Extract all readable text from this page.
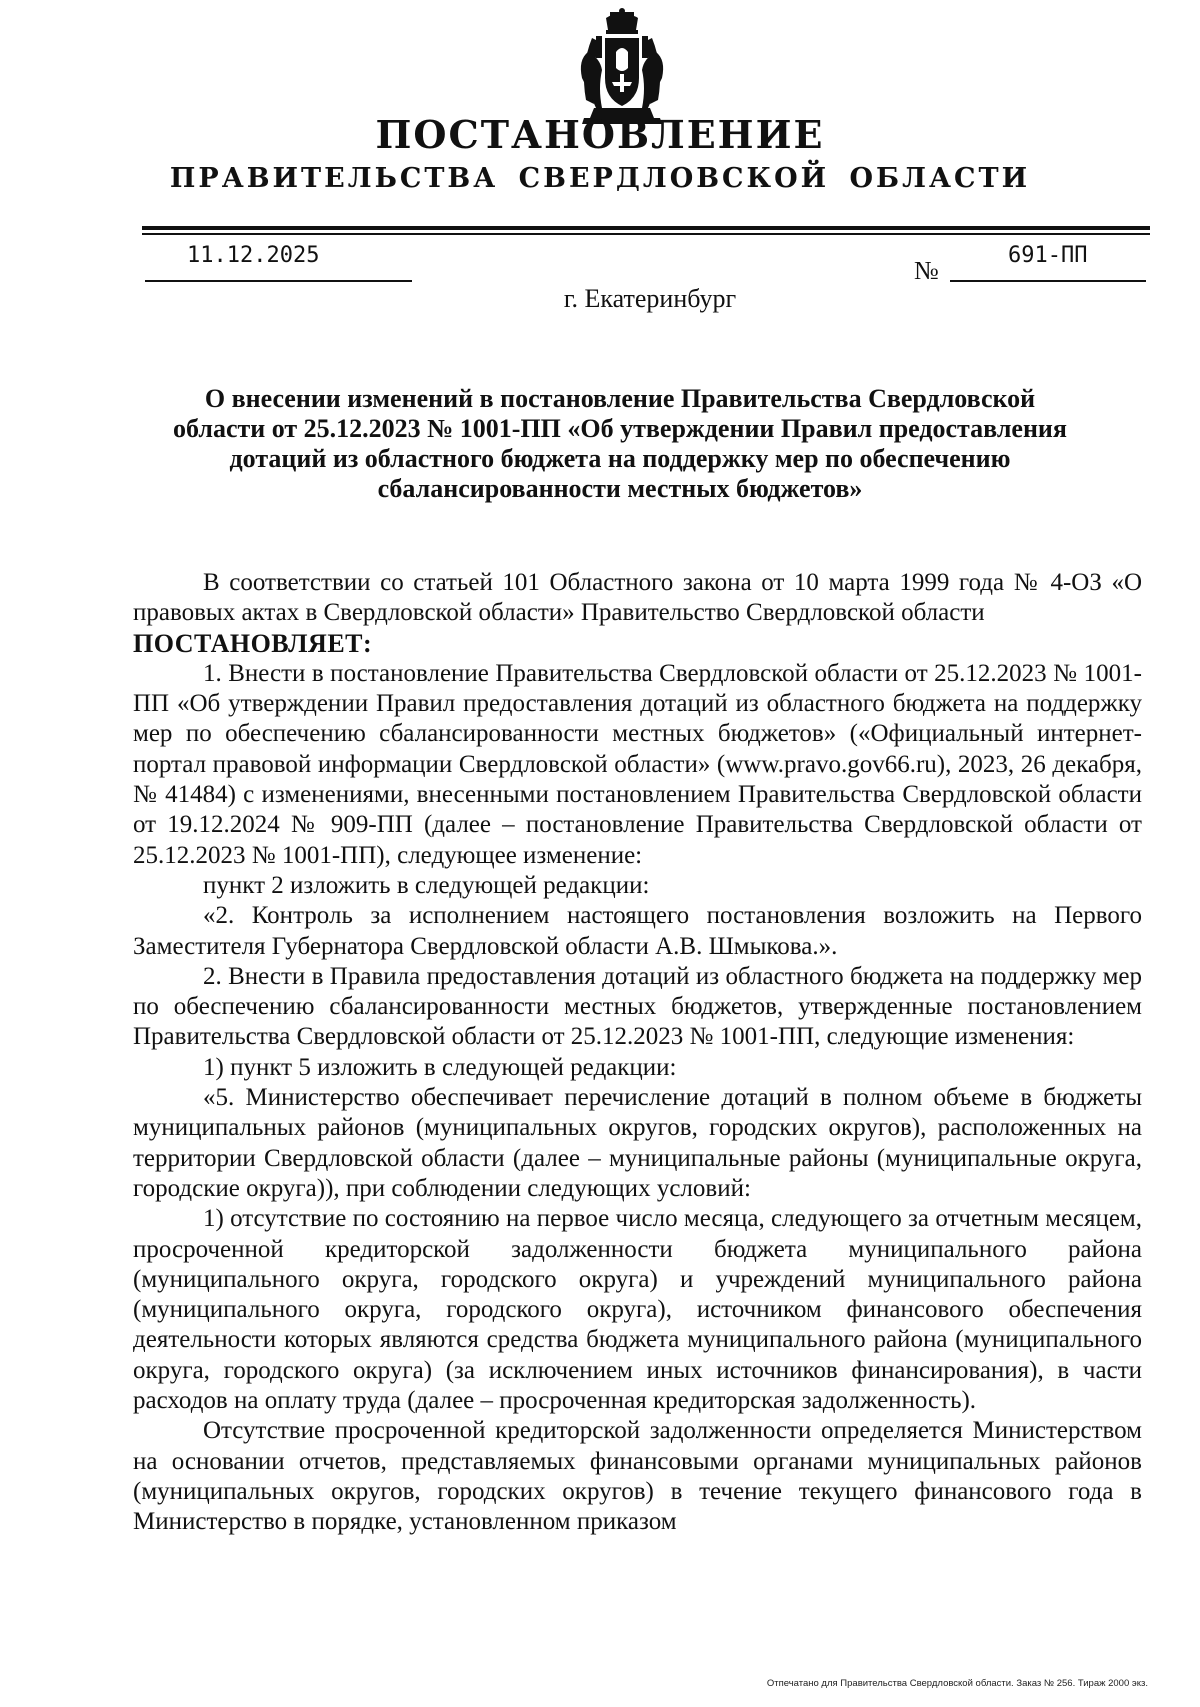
ПОСТАНОВЛЕНИЕ
ПРАВИТЕЛЬСТВА СВЕРДЛОВСКОЙ ОБЛАСТИ
11.12.2025
№
691-ПП
г. Екатеринбург
О внесении изменений в постановление Правительства Свердловской области от 25.12.2023 № 1001-ПП «Об утверждении Правил предоставления дотаций из областного бюджета на поддержку мер по обеспечению сбалансированности местных бюджетов»

В соответствии со статьей 101 Областного закона от 10 марта 1999 года № 4-ОЗ «О правовых актах в Свердловской области» Правительство Свердловской области

ПОСТАНОВЛЯЕТ:

1. Внести в постановление Правительства Свердловской области от 25.12.2023 № 1001-ПП «Об утверждении Правил предоставления дотаций из областного бюджета на поддержку мер по обеспечению сбалансированности местных бюджетов» («Официальный интернет-портал правовой информации Свердловской области» (www.pravo.gov66.ru), 2023, 26 декабря, № 41484) с изменениями, внесенными постановлением Правительства Свердловской области от 19.12.2024 № 909-ПП (далее – постановление Правительства Свердловской области от 25.12.2023 № 1001-ПП), следующее изменение:

пункт 2 изложить в следующей редакции:

«2. Контроль за исполнением настоящего постановления возложить на Первого Заместителя Губернатора Свердловской области А.В. Шмыкова.».

2. Внести в Правила предоставления дотаций из областного бюджета на поддержку мер по обеспечению сбалансированности местных бюджетов, утвержденные постановлением Правительства Свердловской области от 25.12.2023 № 1001-ПП, следующие изменения:

1) пункт 5 изложить в следующей редакции:

«5. Министерство обеспечивает перечисление дотаций в полном объеме в бюджеты муниципальных районов (муниципальных округов, городских округов), расположенных на территории Свердловской области (далее – муниципальные районы (муниципальные округа, городские округа)), при соблюдении следующих условий:

1) отсутствие по состоянию на первое число месяца, следующего за отчетным месяцем, просроченной кредиторской задолженности бюджета муниципального района (муниципального округа, городского округа) и учреждений муниципального района (муниципального округа, городского округа), источником финансового обеспечения деятельности которых являются средства бюджета муниципального района (муниципального округа, городского округа) (за исключением иных источников финансирования), в части расходов на оплату труда (далее – просроченная кредиторская задолженность).

Отсутствие просроченной кредиторской задолженности определяется Министерством на основании отчетов, представляемых финансовыми органами муниципальных районов (муниципальных округов, городских округов) в течение текущего финансового года в Министерство в порядке, установленном приказом

Отпечатано для Правительства Свердловской области. Заказ № 256. Тираж 2000 экз.
